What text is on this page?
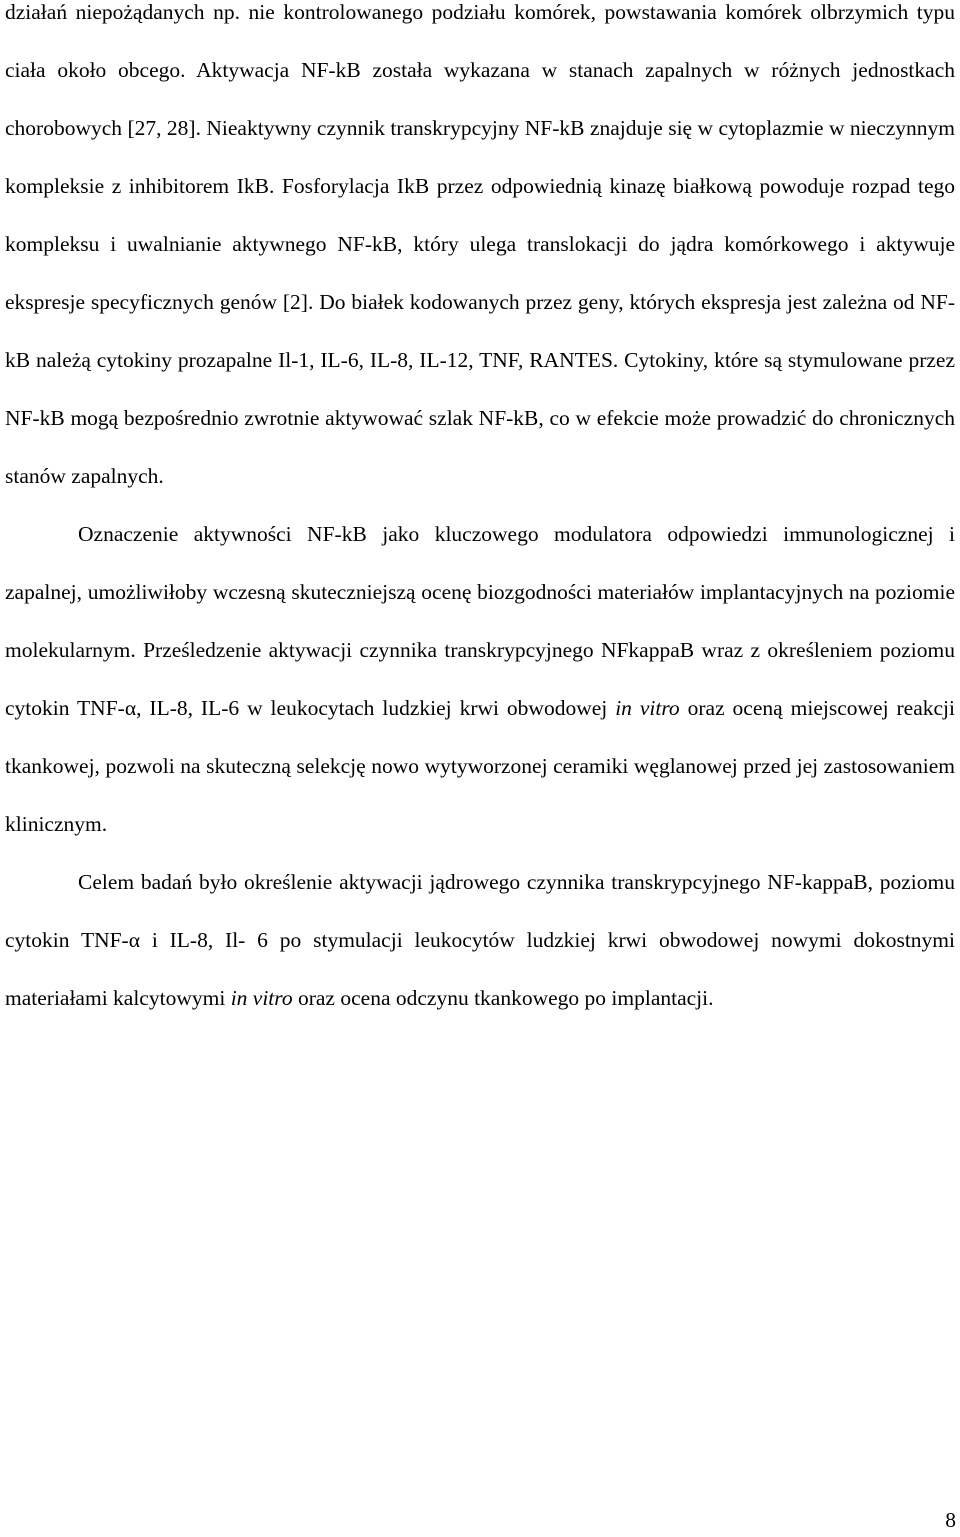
działań niepożądanych np. nie kontrolowanego podziału komórek, powstawania komórek olbrzymich typu ciała około obcego. Aktywacja NF-kB została wykazana w stanach zapalnych w różnych jednostkach chorobowych [27, 28]. Nieaktywny czynnik transkrypcyjny NF-kB znajduje się w cytoplazmie w nieczynnym kompleksie z inhibitorem IkB. Fosforylacja IkB przez odpowiednią kinazę białkową powoduje rozpad tego kompleksu i uwalnianie aktywnego NF-kB, który ulega translokacji do jądra komórkowego i aktywuje ekspresje specyficznych genów [2]. Do białek kodowanych przez geny, których ekspresja jest zależna od NF-kB należą cytokiny prozapalne Il-1, IL-6, IL-8, IL-12, TNF, RANTES. Cytokiny, które są stymulowane przez NF-kB mogą bezpośrednio zwrotnie aktywować szlak NF-kB, co w efekcie może prowadzić do chronicznych stanów zapalnych.

Oznaczenie aktywności NF-kB jako kluczowego modulatora odpowiedzi immunologicznej i zapalnej, umożliwiłoby wczesną skuteczniejszą ocenę biozgodności materiałów implantacyjnych na poziomie molekularnym. Prześledzenie aktywacji czynnika transkrypcyjnego NFkappaB wraz z określeniem poziomu cytokin TNF-α, IL-8, IL-6 w leukocytach ludzkiej krwi obwodowej in vitro oraz oceną miejscowej reakcji tkankowej, pozwoli na skuteczną selekcję nowo wytyworzonej ceramiki węglanowej przed jej zastosowaniem klinicznym.

Celem badań było określenie aktywacji jądrowego czynnika transkrypcyjnego NF-kappaB, poziomu cytokin TNF-α i IL-8, Il- 6 po stymulacji leukocytów ludzkiej krwi obwodowej nowymi dokostnymi materiałami kalcytowymi in vitro oraz ocena odczynu tkankowego po implantacji.

8
